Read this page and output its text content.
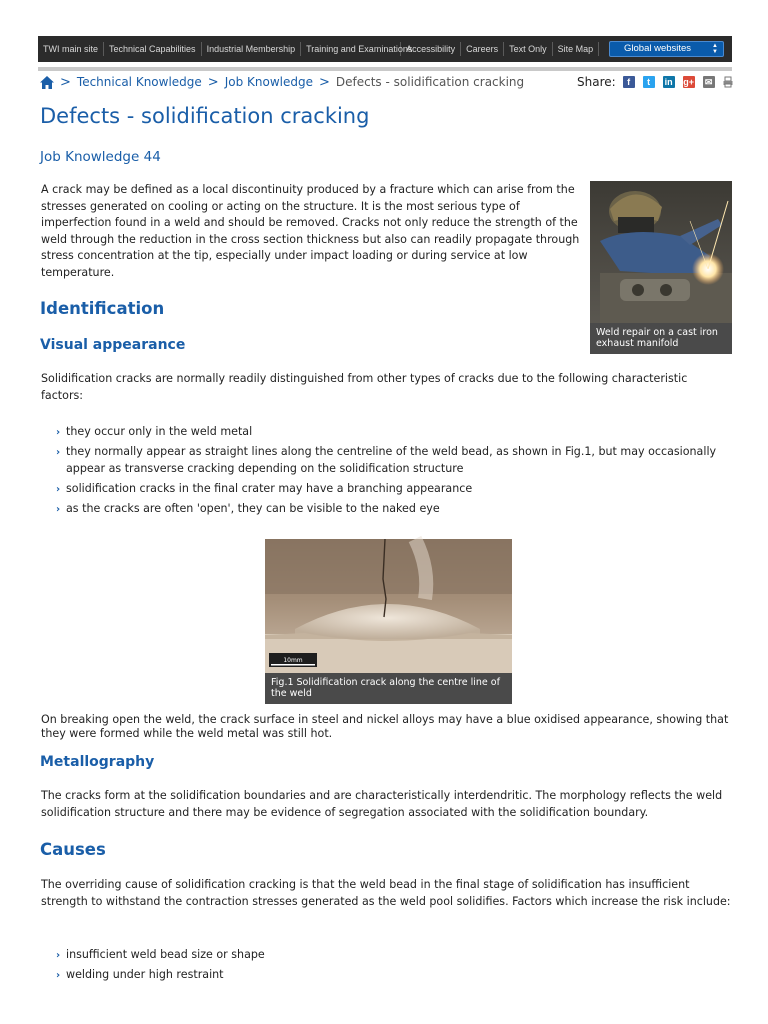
TWI main site	Technical Capabilities	Industrial Membership	Training and Examinations
Accessibility	Careers	Text Only	Site Map	Global websites	▲
▼
> Technical Knowledge > Job Knowledge > Defects - solidification cracking	Share:	f	t	in g+ ✉
Defects - solidification cracking
Job Knowledge 44

A crack may be defined as a local discontinuity produced by a fracture which can arise from the stresses generated on cooling or acting on the structure. It is the most serious type of imperfection found in a weld and should be removed. Cracks not only reduce the strength of the weld through the reduction in the cross section thickness but also can readily propagate through stress concentration at the tip, especially under impact loading or during service at low temperature.

Weld repair on a cast iron exhaust manifold
Identification
Visual appearance

Solidification cracks are normally readily distinguished from other types of cracks due to the following characteristic factors:

› they occur only in the weld metal
› they normally appear as straight lines along the centreline of the weld bead, as shown in Fig.1, but may occasionally appear as transverse cracking depending on the solidification structure
› solidification cracks in the final crater may have a branching appearance
› as the cracks are often 'open', they can be visible to the naked eye
10mm
Fig.1 Solidification crack along the centre line of the weld

On breaking open the weld, the crack surface in steel and nickel alloys may have a blue oxidised appearance, showing that they were formed while the weld metal was still hot.

Metallography

The cracks form at the solidification boundaries and are characteristically interdendritic. The morphology reflects the weld solidification structure and there may be evidence of segregation associated with the solidification boundary.

Causes

The overriding cause of solidification cracking is that the weld bead in the final stage of solidification has insufficient strength to withstand the contraction stresses generated as the weld pool solidifies. Factors which increase the risk include:

› insufficient weld bead size or shape
› welding under high restraint
